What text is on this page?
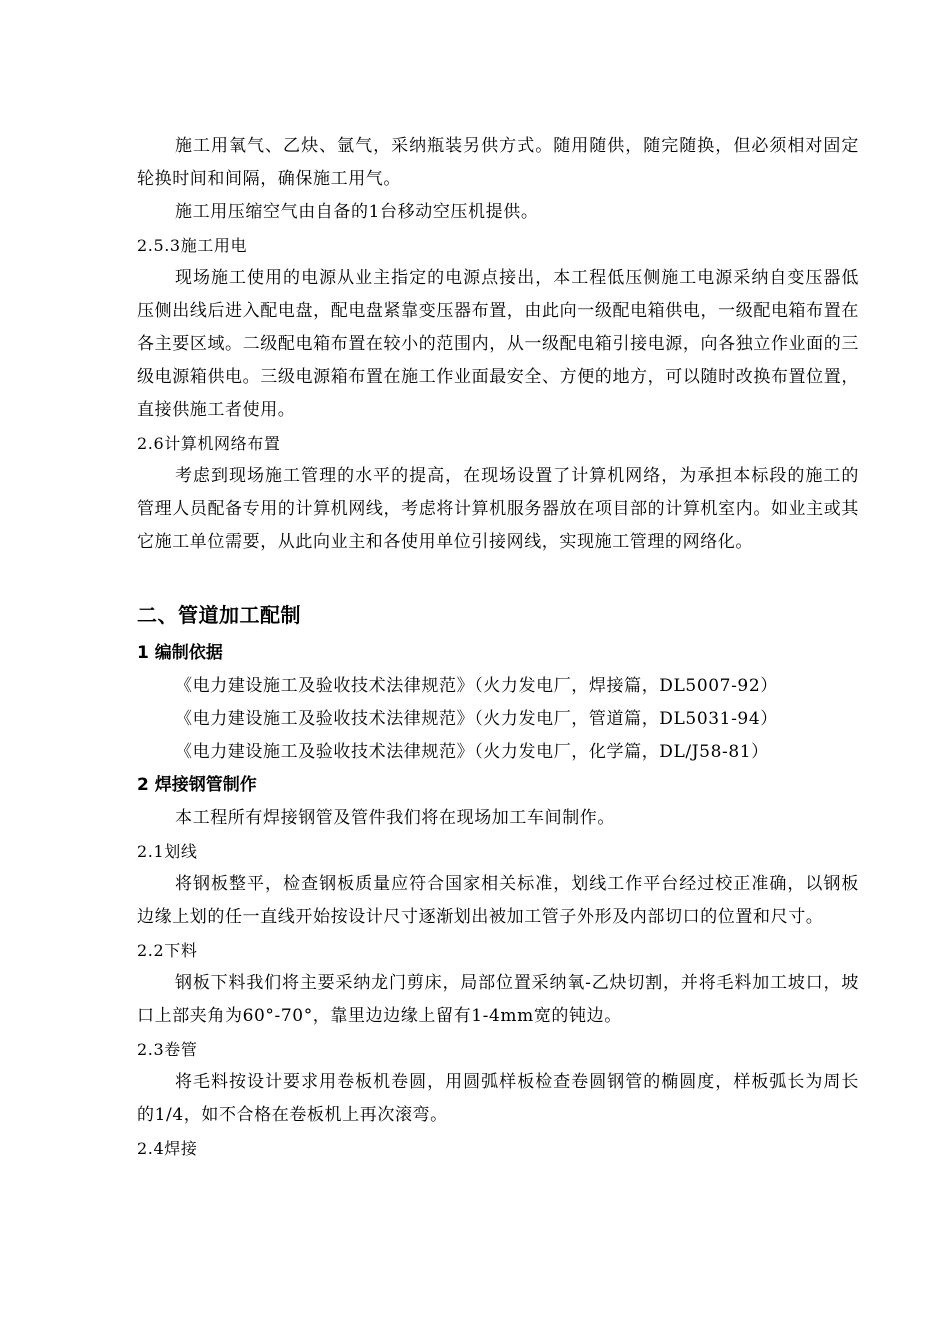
施工用氧气、乙炔、氩气，采纳瓶装另供方式。随用随供，随完随换，但必须相对固定轮换时间和间隔，确保施工用气。

施工用压缩空气由自备的1台移动空压机提供。

2.5.3施工用电

现场施工使用的电源从业主指定的电源点接出，本工程低压侧施工电源采纳自变压器低压侧出线后进入配电盘，配电盘紧靠变压器布置，由此向一级配电箱供电，一级配电箱布置在各主要区域。二级配电箱布置在较小的范围内，从一级配电箱引接电源，向各独立作业面的三级电源箱供电。三级电源箱布置在施工作业面最安全、方便的地方，可以随时改换布置位置，直接供施工者使用。

2.6计算机网络布置

考虑到现场施工管理的水平的提高，在现场设置了计算机网络，为承担本标段的施工的管理人员配备专用的计算机网线，考虑将计算机服务器放在项目部的计算机室内。如业主或其它施工单位需要，从此向业主和各使用单位引接网线，实现施工管理的网络化。

二、管道加工配制
1 编制依据

《电力建设施工及验收技术法律规范》（火力发电厂，焊接篇，DL5007-92）

《电力建设施工及验收技术法律规范》（火力发电厂，管道篇，DL5031-94）

《电力建设施工及验收技术法律规范》（火力发电厂，化学篇，DL/J58-81）

2 焊接钢管制作

本工程所有焊接钢管及管件我们将在现场加工车间制作。

2.1划线

将钢板整平，检查钢板质量应符合国家相关标准，划线工作平台经过校正准确，以钢板边缘上划的任一直线开始按设计尺寸逐渐划出被加工管子外形及内部切口的位置和尺寸。

2.2下料

钢板下料我们将主要采纳龙门剪床，局部位置采纳氧-乙炔切割，并将毛料加工坡口，坡口上部夹角为60°-70°，靠里边边缘上留有1-4mm宽的钝边。

2.3卷管

将毛料按设计要求用卷板机卷圆，用圆弧样板检查卷圆钢管的椭圆度，样板弧长为周长的1/4，如不合格在卷板机上再次滚弯。

2.4焊接
